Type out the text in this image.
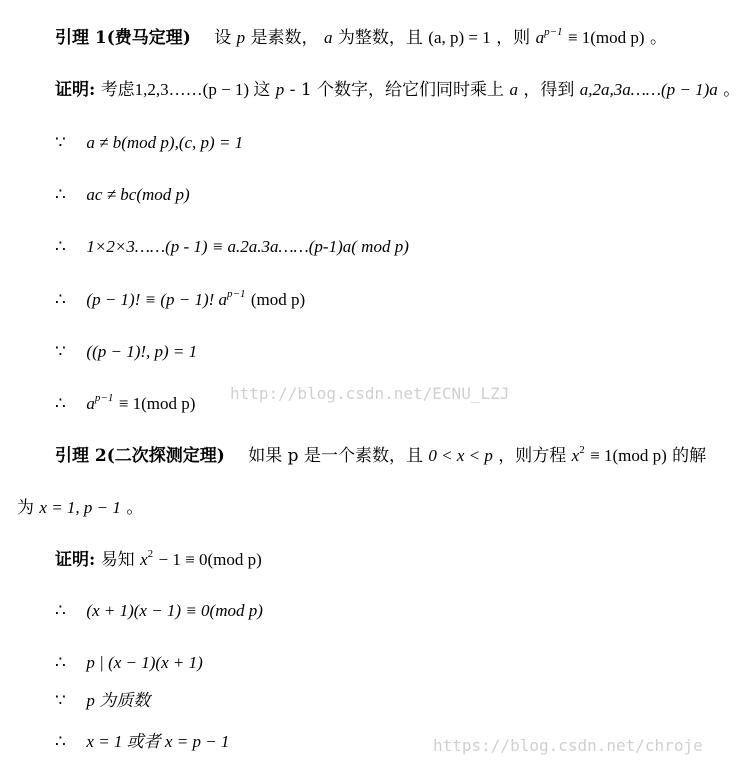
引理 1(费马定理) 设 p 是素数， a 为整数，且 (a, p) = 1 ，则 $a^{p-1} \equiv 1(mod$ p) 。
证明: 考虑1,2,3……(p − 1) 这 p - 1 个数字，给它们同时乘上 a ，得到 a,2a,3a……(p − 1)a 。
∵ a ≠ b(mod p),(c, p) = 1
∴ ac ≠ bc(mod p)
∴ 1×2×3……(p - 1) ≡ a.2a.3a……(p-1)a( mod p)
∴ (p − 1)! ≡ (p − 1)! $a^{p-1}$ (mod p)
∵ ((p − 1)!, p) = 1
∴ $a^{p-1} \equiv 1(mod$ p)
http://blog.csdn.net/ECNU_LZJ
引理 2(二次探测定理) 如果 p 是一个素数，且 0 < x < p ，则方程 $x^2 \equiv 1(mod$ p) 的解
为 x = 1, p − 1 。
证明: 易知 $x^2 - 1 \equiv 0(mod$ p)
∴ (x + 1)(x − 1) ≡ 0(mod p)
∴ p | (x − 1)(x + 1)
∵ p 为质数
∴ x = 1 或者 x = p − 1	https://blog.csdn.net/chroje
